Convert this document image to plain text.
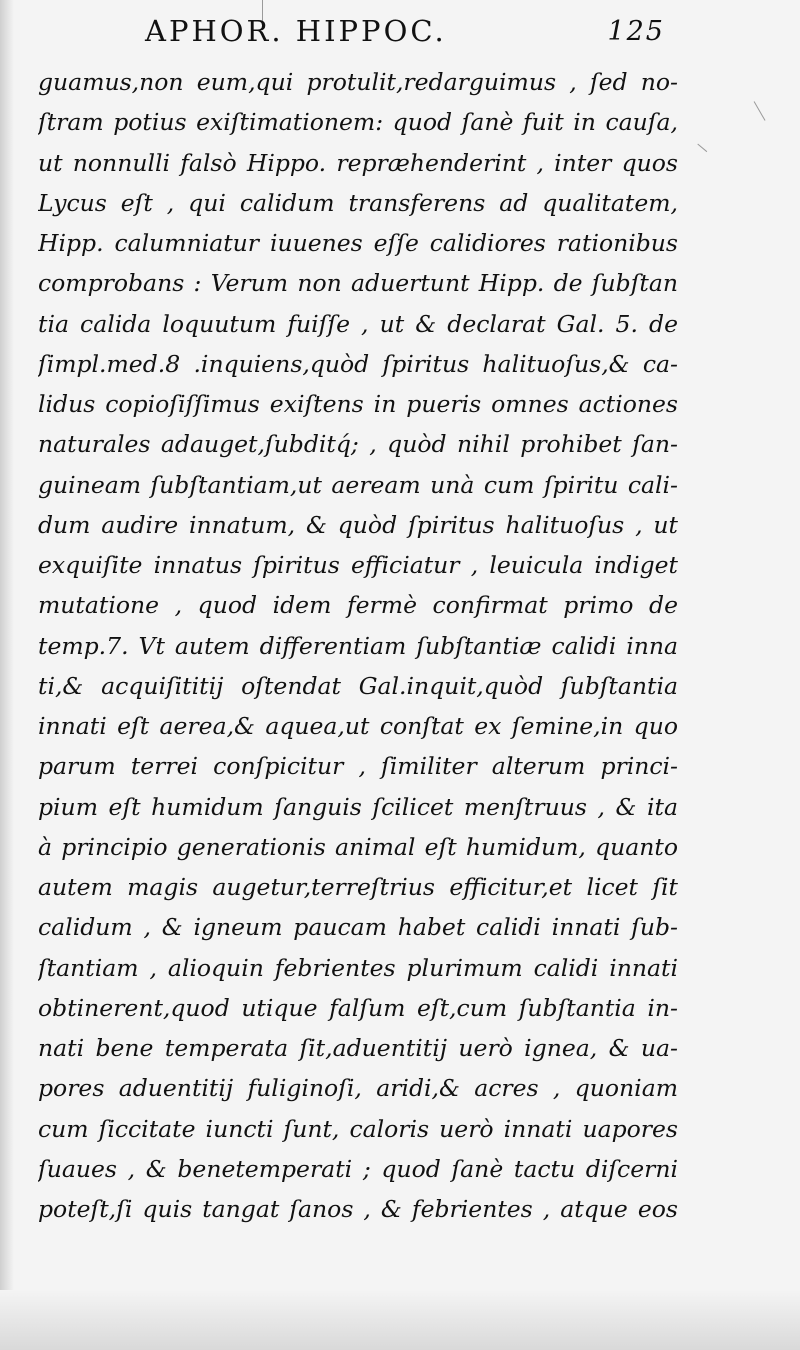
APHOR. HIPPOC.	125
guamus,non eum,qui protulit,redarguimus , ſed no-
ſtram potius exiſtimationem: quod ſanè fuit in cauſa,
ut nonnulli falsò Hippo. repræhenderint , inter quos
Lycus eſt , qui calidum transferens ad qualitatem,
Hipp. calumniatur iuuenes eſſe calidiores rationibus
comprobans : Verum non aduertunt Hipp. de ſubſtan
tia calida loquutum fuiſſe , ut & declarat Gal. 5. de
ſimpl.med.8 .inquiens,quòd ſpiritus halituoſus,& ca-
lidus copioſiſſimus exiſtens in pueris omnes actiones
naturales adauget,ſubditq́; , quòd nihil prohibet ſan-
guineam ſubſtantiam,ut aeream unà cum ſpiritu cali-
dum audire innatum, & quòd ſpiritus halituoſus , ut
exquiſite innatus ſpiritus efficiatur , leuicula indiget
mutatione , quod idem fermè confirmat primo de
temp.7. Vt autem differentiam ſubſtantiæ calidi inna
ti,& acquiſititij oſtendat Gal.inquit,quòd ſubſtantia
innati eſt aerea,& aquea,ut conſtat ex ſemine,in quo
parum terrei conſpicitur , ſimiliter alterum princi-
pium eſt humidum ſanguis ſcilicet menſtruus , & ita
à principio generationis animal eſt humidum, quanto
autem magis augetur,terreſtrius efficitur,et licet ſit
calidum , & igneum paucam habet calidi innati ſub-
ſtantiam , alioquin febrientes plurimum calidi innati
obtinerent,quod utique falſum eſt,cum ſubſtantia in-
nati bene temperata ſit,aduentitij uerò ignea, & ua-
pores aduentitij fuliginoſi, aridi,& acres , quoniam
cum ſiccitate iuncti ſunt, caloris uerò innati uapores
ſuaues , & benetemperati ; quod ſanè tactu diſcerni
poteſt,ſi quis tangat ſanos , & febrientes , atque eos
